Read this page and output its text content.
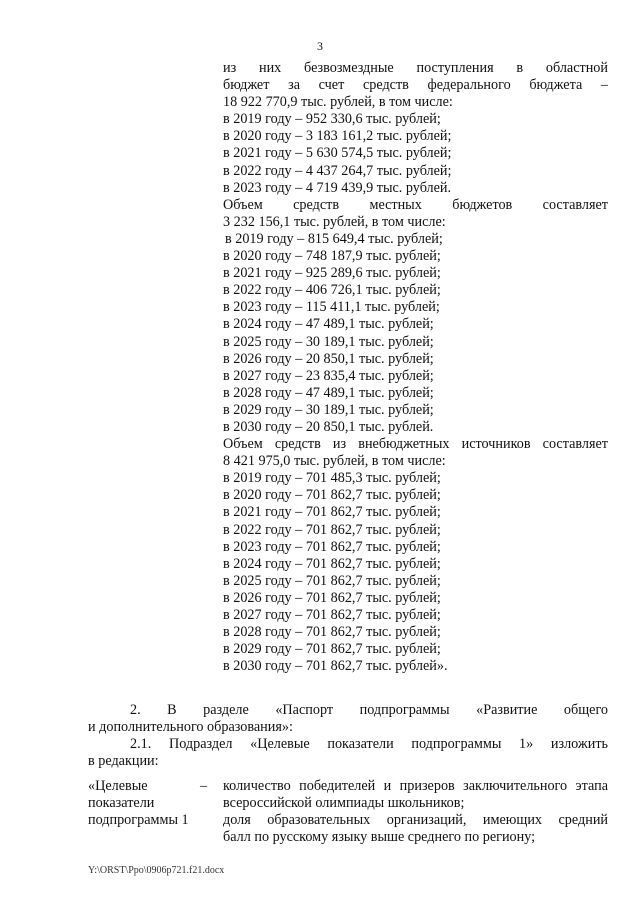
3
из них безвозмездные поступления в областной
бюджет за счет средств федерального бюджета –
18 922 770,9 тыс. рублей, в том числе:
в 2019 году – 952 330,6 тыс. рублей;
в 2020 году – 3 183 161,2 тыс. рублей;
в 2021 году – 5 630 574,5 тыс. рублей;
в 2022 году – 4 437 264,7 тыс. рублей;
в 2023 году – 4 719 439,9 тыс. рублей.
Объем средств местных бюджетов составляет
3 232 156,1 тыс. рублей, в том числе:
в 2019 году – 815 649,4 тыс. рублей;
в 2020 году – 748 187,9 тыс. рублей;
в 2021 году – 925 289,6 тыс. рублей;
в 2022 году – 406 726,1 тыс. рублей;
в 2023 году – 115 411,1 тыс. рублей;
в 2024 году – 47 489,1 тыс. рублей;
в 2025 году – 30 189,1 тыс. рублей;
в 2026 году – 20 850,1 тыс. рублей;
в 2027 году – 23 835,4 тыс. рублей;
в 2028 году – 47 489,1 тыс. рублей;
в 2029 году – 30 189,1 тыс. рублей;
в 2030 году – 20 850,1 тыс. рублей.
Объем средств из внебюджетных источников составляет
8 421 975,0 тыс. рублей, в том числе:
в 2019 году – 701 485,3 тыс. рублей;
в 2020 году – 701 862,7 тыс. рублей;
в 2021 году – 701 862,7 тыс. рублей;
в 2022 году – 701 862,7 тыс. рублей;
в 2023 году – 701 862,7 тыс. рублей;
в 2024 году – 701 862,7 тыс. рублей;
в 2025 году – 701 862,7 тыс. рублей;
в 2026 году – 701 862,7 тыс. рублей;
в 2027 году – 701 862,7 тыс. рублей;
в 2028 году – 701 862,7 тыс. рублей;
в 2029 году – 701 862,7 тыс. рублей;
в 2030 году – 701 862,7 тыс. рублей».
2. В разделе «Паспорт подпрограммы «Развитие общего
и дополнительного образования»:
2.1. Подраздел «Целевые показатели подпрограммы 1» изложить
в редакции:
«Целевые
показатели
подпрограммы 1
–	количество победителей и призеров заключительного этапа
всероссийской олимпиады школьников;
доля образовательных организаций, имеющих средний
балл по русскому языку выше среднего по региону;
Y:\ORST\Ppo\0906p721.f21.docx
